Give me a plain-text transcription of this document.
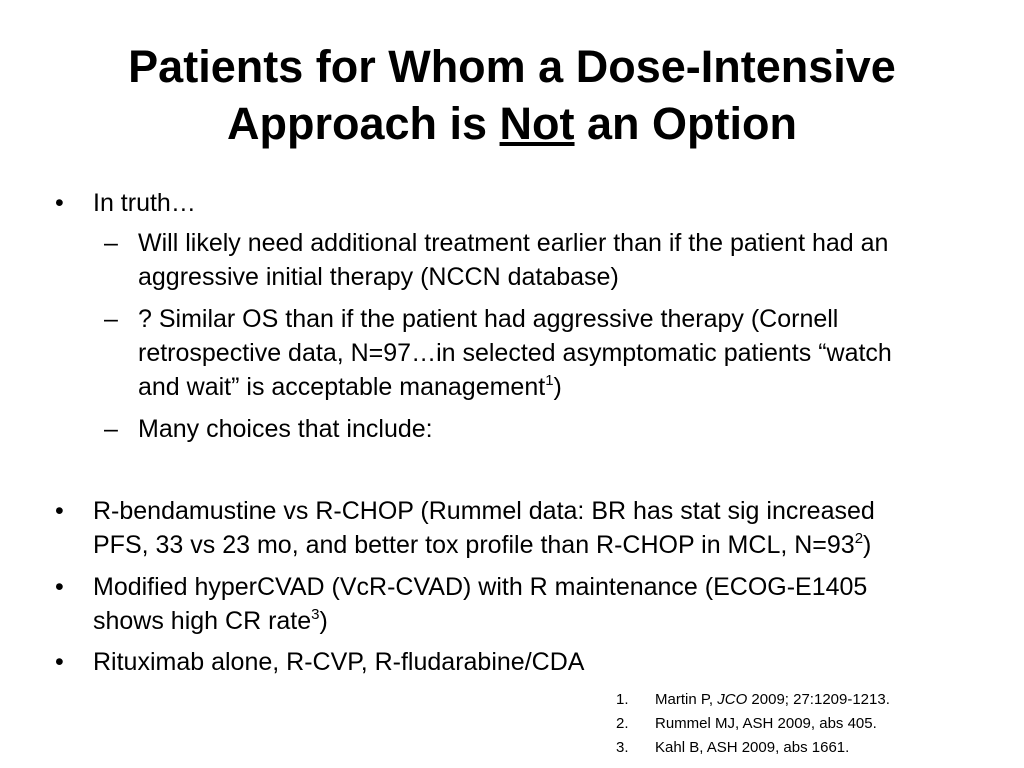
Patients for Whom a Dose-Intensive
Approach is Not an Option
• In truth…
– Will likely need additional treatment earlier than if the patient had an
aggressive initial therapy (NCCN database)
– ? Similar OS than if the patient had aggressive therapy (Cornell
retrospective data, N=97…in selected asymptomatic patients “watch
and wait” is acceptable management$^1$)
– Many choices that include:
• R-bendamustine vs R-CHOP (Rummel data: BR has stat sig increased
PFS, 33 vs 23 mo, and better tox profile than R-CHOP in MCL, $N=93^2$)
• Modified hyperCVAD (VcR-CVAD) with R maintenance (ECOG-E1405
shows high CR rate$^3$)
• Rituximab alone, R-CVP, R-fludarabine/CDA
1. Martin P, JCO 2009; 27:1209-1213.
2. Rummel MJ, ASH 2009, abs 405.
3. Kahl B, ASH 2009, abs 1661.
